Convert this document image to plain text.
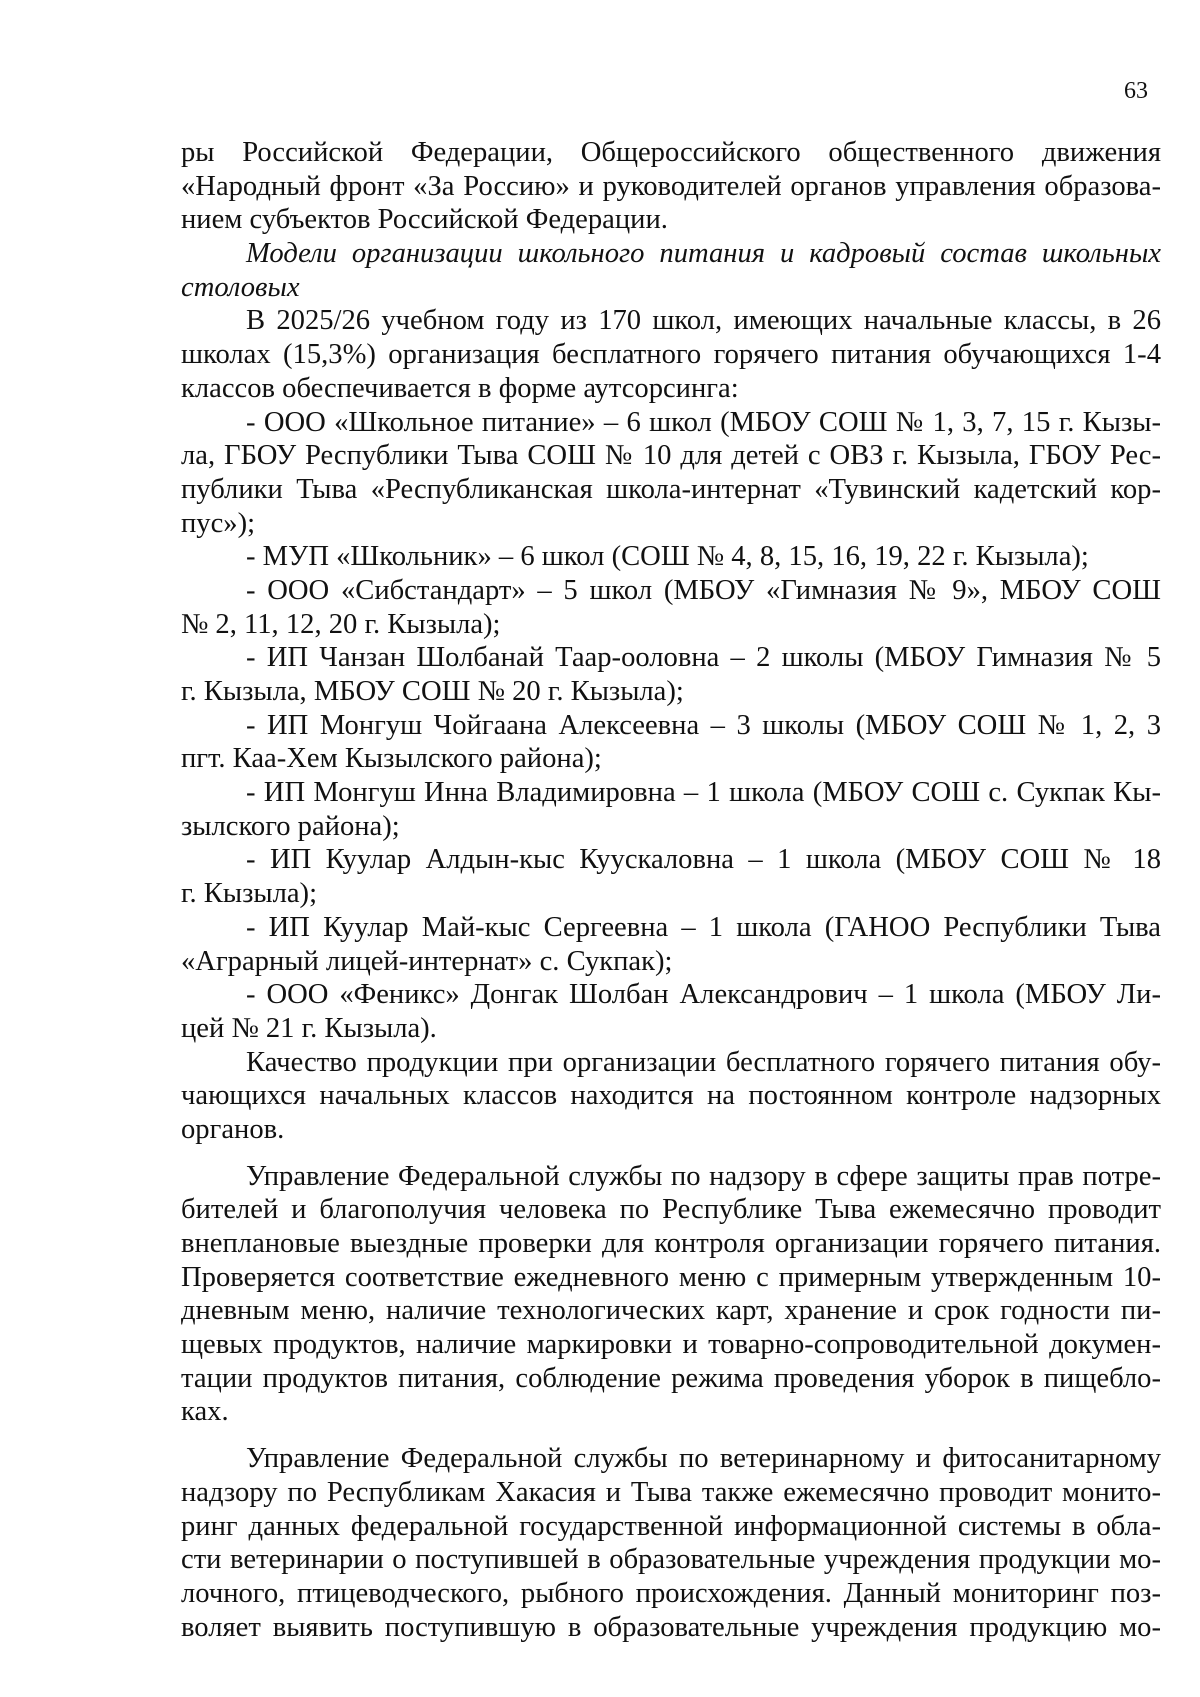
63
ры Российской Федерации, Общероссийского общественного движения
«Народный фронт «За Россию» и руководителей органов управления образова-
нием субъектов Российской Федерации.
Модели организации школьного питания и кадровый состав школьных
столовых
В 2025/26 учебном году из 170 школ, имеющих начальные классы, в 26
школах (15,3%) организация бесплатного горячего питания обучающихся 1-4
классов обеспечивается в форме аутсорсинга:
- ООО «Школьное питание» – 6 школ (МБОУ СОШ № 1, 3, 7, 15 г. Кызы-
ла, ГБОУ Республики Тыва СОШ № 10 для детей с ОВЗ г. Кызыла, ГБОУ Рес-
публики Тыва «Республиканская школа-интернат «Тувинский кадетский кор-
пус»);
- МУП «Школьник» – 6 школ (СОШ № 4, 8, 15, 16, 19, 22 г. Кызыла);
- ООО «Сибстандарт» – 5 школ (МБОУ «Гимназия № 9», МБОУ СОШ
№ 2, 11, 12, 20 г. Кызыла);
- ИП Чанзан Шолбанай Таар-ооловна – 2 школы (МБОУ Гимназия № 5
г. Кызыла, МБОУ СОШ № 20 г. Кызыла);
- ИП Монгуш Чойгаана Алексеевна – 3 школы (МБОУ СОШ № 1, 2, 3
пгт. Каа-Хем Кызылского района);
- ИП Монгуш Инна Владимировна – 1 школа (МБОУ СОШ с. Сукпак Кы-
зылского района);
- ИП Куулар Алдын-кыс Куускаловна – 1 школа (МБОУ СОШ № 18
г. Кызыла);
- ИП Куулар Май-кыс Сергеевна – 1 школа (ГАНОО Республики Тыва
«Аграрный лицей-интернат» с. Сукпак);
- ООО «Феникс» Донгак Шолбан Александрович – 1 школа (МБОУ Ли-
цей № 21 г. Кызыла).
Качество продукции при организации бесплатного горячего питания обу-
чающихся начальных классов находится на постоянном контроле надзорных
органов.
Управление Федеральной службы по надзору в сфере защиты прав потре-
бителей и благополучия человека по Республике Тыва ежемесячно проводит
внеплановые выездные проверки для контроля организации горячего питания.
Проверяется соответствие ежедневного меню с примерным утвержденным 10-
дневным меню, наличие технологических карт, хранение и срок годности пи-
щевых продуктов, наличие маркировки и товарно-сопроводительной докумен-
тации продуктов питания, соблюдение режима проведения уборок в пищебло-
ках.
Управление Федеральной службы по ветеринарному и фитосанитарному
надзору по Республикам Хакасия и Тыва также ежемесячно проводит монито-
ринг данных федеральной государственной информационной системы в обла-
сти ветеринарии о поступившей в образовательные учреждения продукции мо-
лочного, птицеводческого, рыбного происхождения. Данный мониторинг поз-
воляет выявить поступившую в образовательные учреждения продукцию мо-
